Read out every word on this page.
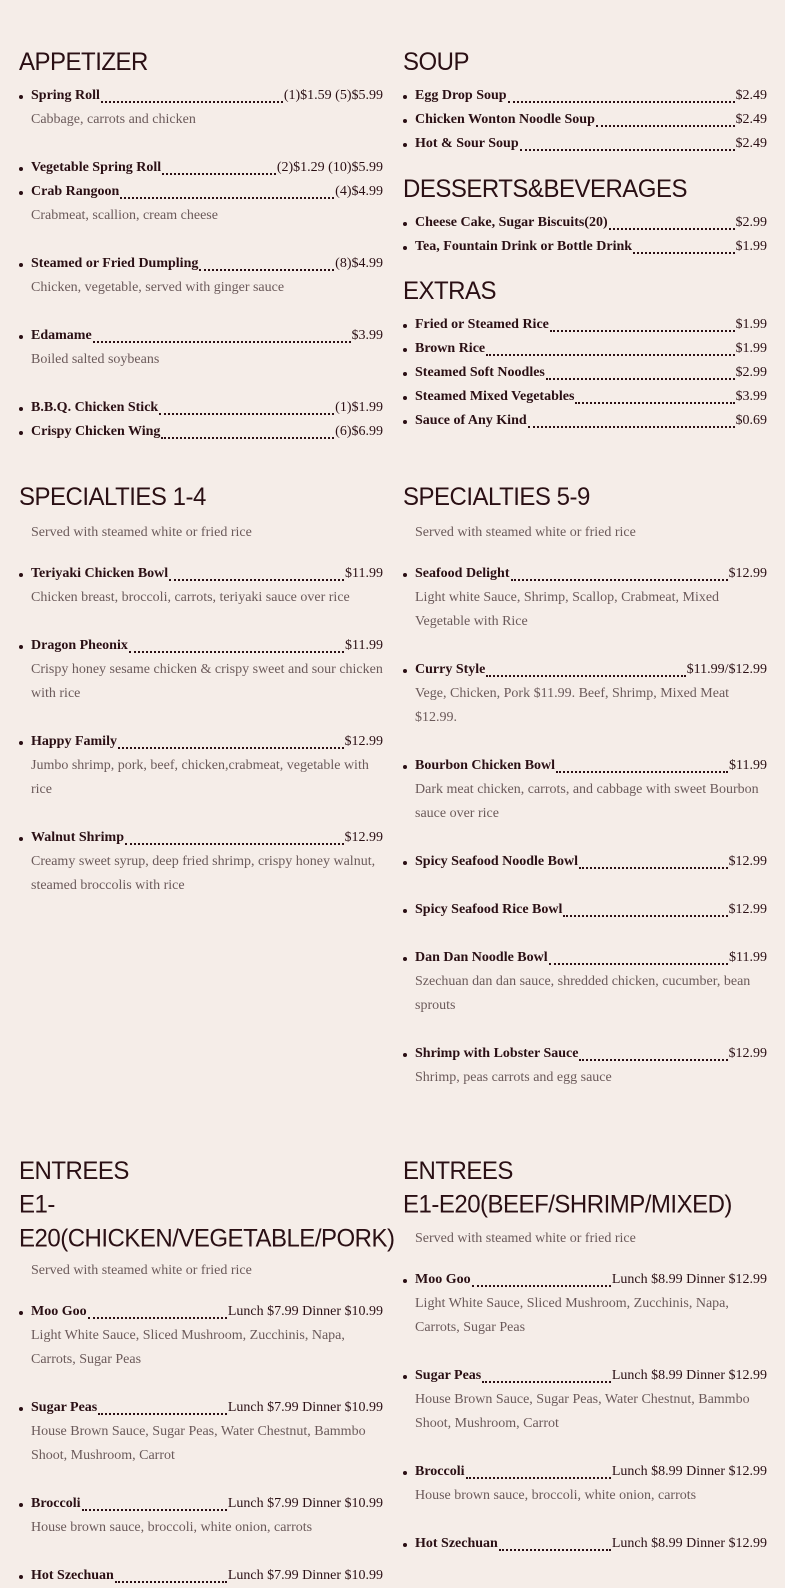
APPETIZER
Spring Roll	(1)$1.59 (5)$5.99
Cabbage, carrots and chicken
Vegetable Spring Roll	(2)$1.29 (10)$5.99
Crab Rangoon	(4)$4.99
Crabmeat, scallion, cream cheese
Steamed or Fried Dumpling	(8)$4.99
Chicken, vegetable, served with ginger sauce
Edamame	$3.99
Boiled salted soybeans
B.B.Q. Chicken Stick	(1)$1.99
Crispy Chicken Wing	(6)$6.99
SOUP
Egg Drop Soup	$2.49
Chicken Wonton Noodle Soup	$2.49
Hot & Sour Soup	$2.49
DESSERTS&BEVERAGES
Cheese Cake, Sugar Biscuits(20)	$2.99
Tea, Fountain Drink or Bottle Drink	$1.99
EXTRAS
Fried or Steamed Rice	$1.99
Brown Rice	$1.99
Steamed Soft Noodles	$2.99
Steamed Mixed Vegetables	$3.99
Sauce of Any Kind	$0.69
SPECIALTIES 1-4
Served with steamed white or fried rice
Teriyaki Chicken Bowl	$11.99
Chicken breast, broccoli, carrots, teriyaki sauce over rice
Dragon Pheonix	$11.99
Crispy honey sesame chicken & crispy sweet and sour chicken with rice
Happy Family	$12.99
Jumbo shrimp, pork, beef, chicken,crabmeat, vegetable with rice
Walnut Shrimp	$12.99
Creamy sweet syrup, deep fried shrimp, crispy honey walnut, steamed broccolis with rice
SPECIALTIES 5-9
Served with steamed white or fried rice
Seafood Delight	$12.99
Light white Sauce, Shrimp, Scallop, Crabmeat, Mixed Vegetable with Rice
Curry Style	$11.99/$12.99
Vege, Chicken, Pork $11.99. Beef, Shrimp, Mixed Meat $12.99.
Bourbon Chicken Bowl	$11.99
Dark meat chicken, carrots, and cabbage with sweet Bourbon sauce over rice
Spicy Seafood Noodle Bowl	$12.99
Spicy Seafood Rice Bowl	$12.99
Dan Dan Noodle Bowl	$11.99
Szechuan dan dan sauce, shredded chicken, cucumber, bean sprouts
Shrimp with Lobster Sauce	$12.99
Shrimp, peas carrots and egg sauce
ENTREES
E1-E20(CHICKEN/VEGETABLE/PORK)
Served with steamed white or fried rice
Moo Goo	Lunch $7.99 Dinner $10.99
Light White Sauce, Sliced Mushroom, Zucchinis, Napa, Carrots, Sugar Peas
Sugar Peas	Lunch $7.99 Dinner $10.99
House Brown Sauce, Sugar Peas, Water Chestnut, Bammbo Shoot, Mushroom, Carrot
Broccoli	Lunch $7.99 Dinner $10.99
House brown sauce, broccoli, white onion, carrots
Hot Szechuan	Lunch $7.99 Dinner $10.99
ENTREES
E1-E20(BEEF/SHRIMP/MIXED)
Served with steamed white or fried rice
Moo Goo	Lunch $8.99 Dinner $12.99
Light White Sauce, Sliced Mushroom, Zucchinis, Napa, Carrots, Sugar Peas
Sugar Peas	Lunch $8.99 Dinner $12.99
House Brown Sauce, Sugar Peas, Water Chestnut, Bammbo Shoot, Mushroom, Carrot
Broccoli	Lunch $8.99 Dinner $12.99
House brown sauce, broccoli, white onion, carrots
Hot Szechuan	Lunch $8.99 Dinner $12.99
